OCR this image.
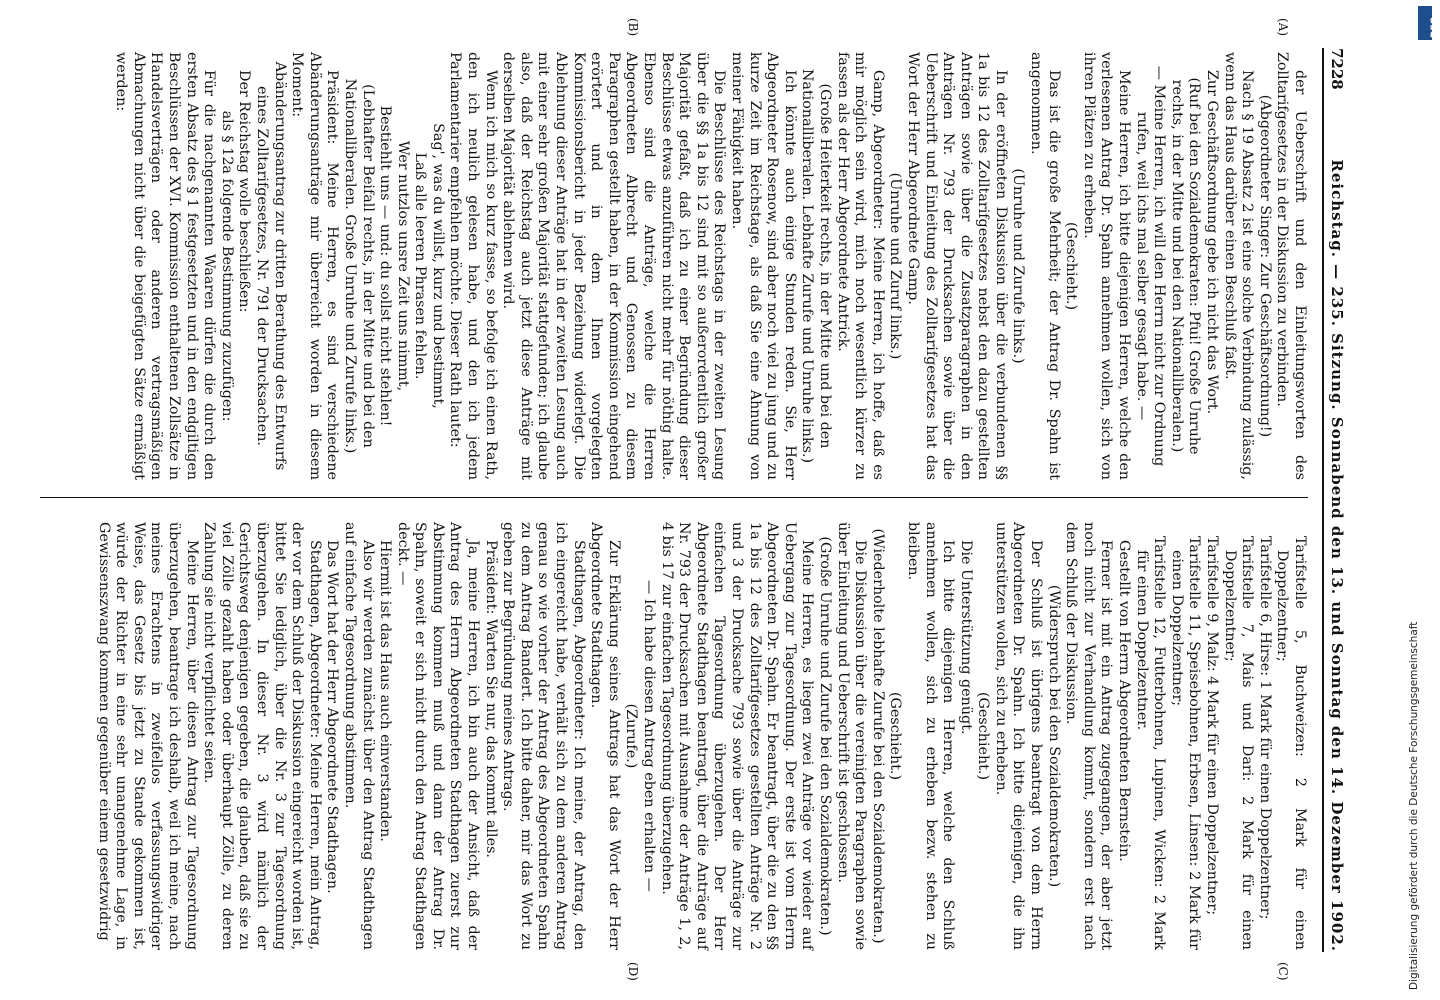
7228
Reichstag. — 235. Sitzung. Sonnabend den 13. und Sonntag den 14. Dezember 1902.
(A)
(B)
(C)
(D)

der Ueberschrift und den Einleitungsworten des Zolltarifgesetzes in der Diskussion zu verbinden.

(Abgeordneter Singer: Zur Geschäftsordnung!)

Nach § 19 Absatz 2 ist eine solche Verbindung zulässig, wenn das Haus darüber einen Beschluß faßt.

Zur Geschäftsordnung gebe ich nicht das Wort.

(Ruf bei den Sozialdemokraten: Pfui! Große Unruhe rechts, in der Mitte und bei den Nationalliberalen.)

— Meine Herren, ich will den Herrn nicht zur Ordnung rufen, weil ichs mal selber gesagt habe. —

Meine Herren, ich bitte diejenigen Herren, welche den verlesenen Antrag Dr. Spahn annehmen wollen, sich von ihren Plätzen zu erheben.

(Geschieht.)

Das ist die große Mehrheit; der Antrag Dr. Spahn ist angenommen.

(Unruhe und Zurufe links.)

In der eröffneten Diskussion über die verbundenen §§ 1a bis 12 des Zolltarifgesetzes nebst den dazu gestellten Anträgen sowie über die Zusatzparagraphen in den Anträgen Nr. 793 der Drucksachen sowie über die Ueberschrift und Einleitung des Zolltarifgesetzes hat das Wort der Herr Abgeordnete Gamp.

(Unruhe und Zuruf links.)

Gamp, Abgeordneter: Meine Herren, ich hoffe, daß es mir möglich sein wird, mich noch wesentlich kürzer zu fassen als der Herr Abgeordnete Antrick.

(Große Heiterkeit rechts, in der Mitte und bei den Nationalliberalen. Lebhafte Zurufe und Unruhe links.)

Ich könnte auch einige Stunden reden. Sie, Herr Abgeordneter Rosenow, sind aber noch viel zu jung und zu kurze Zeit im Reichstage, als daß Sie eine Ahnung von meiner Fähigkeit haben.

Die Beschlüsse des Reichstags in der zweiten Lesung über die §§ 1a bis 12 sind mit so außerordentlich großer Majorität gefaßt, daß ich zu einer Begründung dieser Beschlüsse etwas anzuführen nicht mehr für nöthig halte. Ebenso sind die Anträge, welche die Herren Abgeordneten Albrecht und Genossen zu diesem Paragraphen gestellt haben, in der Kommission eingehend erörtert und in dem Ihnen vorgelegten Kommissionsbericht in jeder Beziehung widerlegt. Die Ablehnung dieser Anträge hat in der zweiten Lesung auch mit einer sehr großen Majorität stattgefunden; ich glaube also, daß der Reichstag auch jetzt diese Anträge mit derselben Majorität ablehnen wird.

Wenn ich mich so kurz fasse, so befolge ich einen Rath, den ich neulich gelesen habe, und den ich jedem Parlamentarier empfehlen möchte. Dieser Rath lautet:

Sag', was du willst, kurz und bestimmt,

Laß alle leeren Phrasen fehlen.

Wer nutzlos unsre Zeit uns nimmt,

Bestiehlt uns — und: du sollst nicht stehlen!

(Lebhafter Beifall rechts, in der Mitte und bei den Nationalliberalen. Große Unruhe und Zurufe links.)

Präsident: Meine Herren, es sind verschiedene Abänderungsanträge mir überreicht worden in diesem Moment:

Abänderungsantrag zur dritten Berathung des Entwurfs eines Zolltarifgesetzes, Nr. 791 der Drucksachen.

Der Reichstag wolle beschließen:

als § 12a folgende Bestimmung zuzufügen:

Für die nachgenannten Waaren dürfen die durch den ersten Absatz des § 1 festgesetzten und in den endgiltigen Beschlüssen der XVI. Kommission enthaltenen Zollsätze in Handelsverträgen oder anderen vertragsmäßigen Abmachungen nicht über die beigefügten Sätze ermäßigt werden:

Tarifstelle 5, Buchweizen: 2 Mark für einen Doppelzentner;

Tarifstelle 6, Hirse: 1 Mark für einen Doppelzentner;

Tarifstelle 7, Mais und Dari: 2 Mark für einen Doppelzentner;

Tarifstelle 9, Malz: 4 Mark für einen Doppelzentner;

Tarifstelle 11, Speisebohnen, Erbsen, Linsen: 2 Mark für einen Doppelzentner;

Tarifstelle 12, Futterbohnen, Lupinen, Wicken: 2 Mark für einen Doppelzentner.

Gestellt von Herrn Abgeordneten Bernstein.

Ferner ist mit ein Antrag zugegangen, der aber jetzt noch nicht zur Verhandlung kommt, sondern erst nach dem Schluß der Diskussion.

(Widerspruch bei den Sozialdemokraten.)

Der Schluß ist übrigens beantragt von dem Herrn Abgeordneten Dr. Spahn. Ich bitte diejenigen, die ihn unterstützen wollen, sich zu erheben.

(Geschieht.)

Die Unterstützung genügt.

Ich bitte diejenigen Herren, welche den Schluß annehmen wollen, sich zu erheben bezw. stehen zu bleiben.

(Geschieht.)

(Wiederholte lebhafte Zurufe bei den Sozialdemokraten.)

Die Diskussion über die vereinigten Paragraphen sowie über Einleitung und Ueberschrift ist geschlossen.

(Große Unruhe und Zurufe bei den Sozialdemokraten.)

Meine Herren, es liegen zwei Anträge vor wieder auf Uebergang zur Tagesordnung. Der erste ist vom Herrn Abgeordneten Dr. Spahn. Er beantragt, über die zu den §§ 1a bis 12 des Zolltarifgesetzes gestellten Anträge Nr. 2 und 3 der Drucksache 793 sowie über die Anträge zur einfachen Tagesordnung überzugehen. Der Herr Abgeordnete Stadthagen beantragt, über die Anträge auf Nr. 793 der Drucksachen mit Ausnahme der Anträge 1, 2, 4 bis 17 zur einfachen Tagesordnung überzugehen.

— Ich habe diesen Antrag eben erhalten —

(Zurufe.)

Zur Erklärung seines Antrags hat das Wort der Herr Abgeordnete Stadthagen.

Stadthagen, Abgeordneter: Ich meine, der Antrag, den ich eingereicht habe, verhält sich zu dem anderen Antrag genau so wie vorher der Antrag des Abgeordneten Spahn zu dem Antrag Bandert. Ich bitte daher, mir das Wort zu geben zur Begründung meines Antrags.

Präsident: Warten Sie nur, das kommt alles.

Ja, meine Herren, ich bin auch der Ansicht, daß der Antrag des Herrn Abgeordneten Stadthagen zuerst zur Abstimmung kommen muß und dann der Antrag Dr. Spahn, soweit er sich nicht durch den Antrag Stadthagen deckt. —

Hiermit ist das Haus auch einverstanden.

Also wir werden zunächst über den Antrag Stadthagen auf einfache Tagesordnung abstimmen.

Das Wort hat der Herr Abgeordnete Stadthagen.

Stadthagen, Abgeordneter: Meine Herren, mein Antrag, der vor dem Schluß der Diskussion eingereicht worden ist, bittet Sie lediglich, über die Nr. 3 zur Tagesordnung überzugehen. In dieser Nr. 3 wird nämlich der Gerichtsweg denjenigen gegeben, die glauben, daß sie zu viel Zölle gezahlt haben oder überhaupt Zölle, zu deren Zahlung sie nicht verpflichtet seien.

Meine Herren, über diesen Antrag zur Tagesordnung überzugehen, beantrage ich deshalb, weil ich meine, nach meines Erachtens in zweifellos verfassungswidriger Weise, das Gesetz bis jetzt zu Stande gekommen ist, würde der Richter in eine sehr unangenehme Lage, in Gewissenszwang kommen gegenüber einem gesetzwidrig	Digitalisierung gefördert durch die Deutsche Forschungsgemeinschaft
DFG
